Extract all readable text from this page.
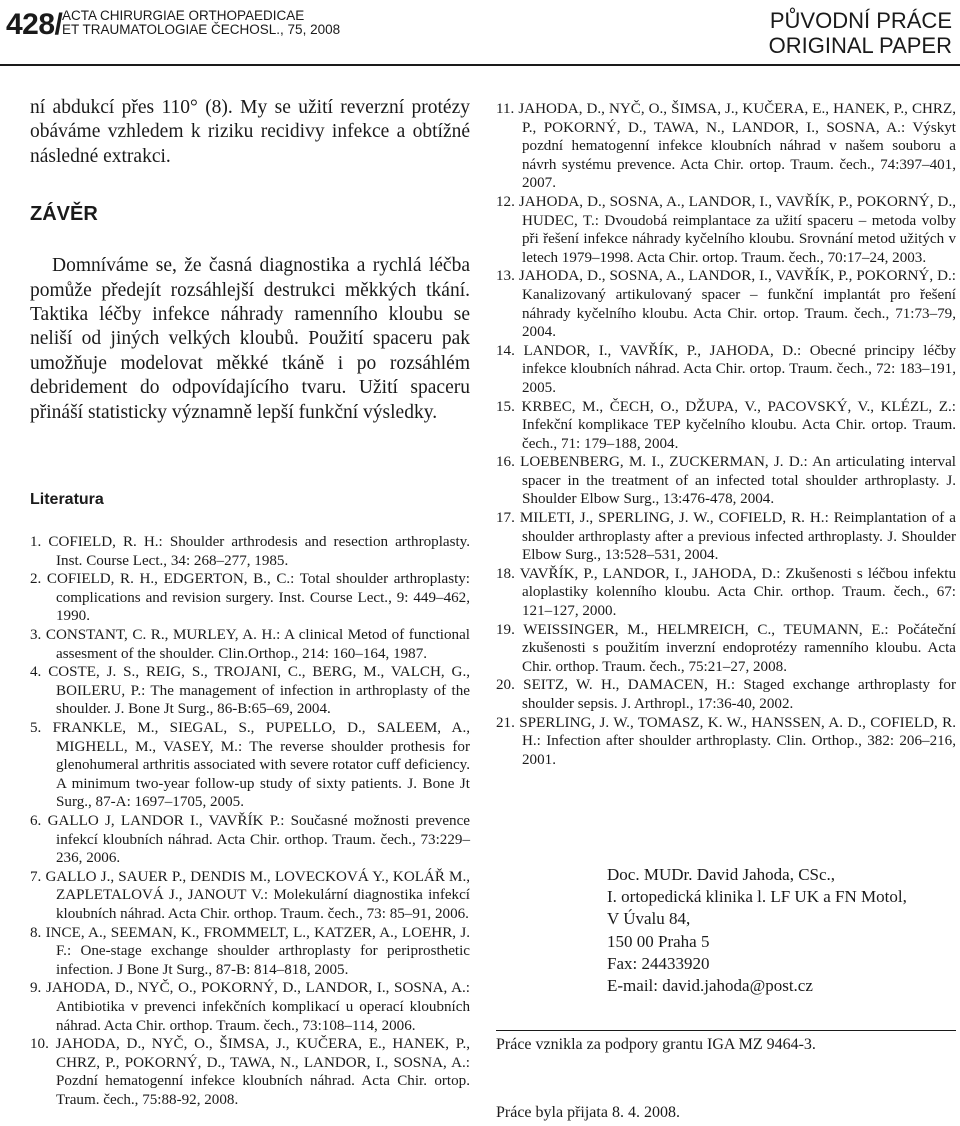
428/ ACTA CHIRURGIAE ORTHOPAEDICAE
ET TRAUMATOLOGIAE ČECHOSL., 75, 2008	PŮVODNÍ PRÁCE
ORIGINAL PAPER

ní abdukcí přes 110° (8). My se užití reverzní protézy obáváme vzhledem k riziku recidivy infekce a obtížné následné extrakci.

ZÁVĚR

Domníváme se, že časná diagnostika a rychlá léčba pomůže předejít rozsáhlejší destrukci měkkých tkání. Taktika léčby infekce náhrady ramenního kloubu se neliší od jiných velkých kloubů. Použití spaceru pak umožňuje modelovat měkké tkáně i po rozsáhlém debridement do odpovídajícího tvaru. Užití spaceru přináší statisticky významně lepší funkční výsledky.

Literatura

1. COFIELD, R. H.: Shoulder arthrodesis and resection arthroplasty. Inst. Course Lect., 34: 268–277, 1985.

2. COFIELD, R. H., EDGERTON, B., C.: Total shoulder arthroplasty: complications and revision surgery. Inst. Course Lect., 9: 449–462, 1990.

3. CONSTANT, C. R., MURLEY, A. H.: A clinical Metod of functional assesment of the shoulder. Clin.Orthop., 214: 160–164, 1987.

4. COSTE, J. S., REIG, S., TROJANI, C., BERG, M., VALCH, G., BOILERU, P.: The management of infection in arthroplasty of the shoulder. J. Bone Jt Surg., 86-B:65–69, 2004.

5. FRANKLE, M., SIEGAL, S., PUPELLO, D., SALEEM, A., MIGHELL, M., VASEY, M.: The reverse shoulder prothesis for glenohumeral arthritis associated with severe rotator cuff deficiency. A minimum two-year follow-up study of sixty patients. J. Bone Jt Surg., 87-A: 1697–1705, 2005.

6. GALLO J, LANDOR I., VAVŘÍK P.: Současné možnosti prevence infekcí kloubních náhrad. Acta Chir. orthop. Traum. čech., 73:229–236, 2006.

7. GALLO J., SAUER P., DENDIS M., LOVECKOVÁ Y., KOLÁŘ M., ZAPLETALOVÁ J., JANOUT V.: Molekulární diagnostika infekcí kloubních náhrad. Acta Chir. orthop. Traum. čech., 73: 85–91, 2006.

8. INCE, A., SEEMAN, K., FROMMELT, L., KATZER, A., LOEHR, J. F.: One-stage exchange shoulder arthroplasty for periprosthetic infection. J Bone Jt Surg., 87-B: 814–818, 2005.

9. JAHODA, D., NYČ, O., POKORNÝ, D., LANDOR, I., SOSNA, A.: Antibiotika v prevenci infekčních komplikací u operací kloubních náhrad. Acta Chir. orthop. Traum. čech., 73:108–114, 2006.

10. JAHODA, D., NYČ, O., ŠIMSA, J., KUČERA, E., HANEK, P., CHRZ, P., POKORNÝ, D., TAWA, N., LANDOR, I., SOSNA, A.: Pozdní hematogenní infekce kloubních náhrad. Acta Chir. ortop. Traum. čech., 75:88-92, 2008.

11. JAHODA, D., NYČ, O., ŠIMSA, J., KUČERA, E., HANEK, P., CHRZ, P., POKORNÝ, D., TAWA, N., LANDOR, I., SOSNA, A.: Výskyt pozdní hematogenní infekce kloubních náhrad v našem souboru a návrh systému prevence. Acta Chir. ortop. Traum. čech., 74:397–401, 2007.

12. JAHODA, D., SOSNA, A., LANDOR, I., VAVŘÍK, P., POKORNÝ, D., HUDEC, T.: Dvoudobá reimplantace za užití spaceru – metoda volby při řešení infekce náhrady kyčelního kloubu. Srovnání metod užitých v letech 1979–1998. Acta Chir. ortop. Traum. čech., 70:17–24, 2003.

13. JAHODA, D., SOSNA, A., LANDOR, I., VAVŘÍK, P., POKORNÝ, D.: Kanalizovaný artikulovaný spacer – funkční implantát pro řešení náhrady kyčelního kloubu. Acta Chir. ortop. Traum. čech., 71:73–79, 2004.

14. LANDOR, I., VAVŘÍK, P., JAHODA, D.: Obecné principy léčby infekce kloubních náhrad. Acta Chir. ortop. Traum. čech., 72: 183–191, 2005.

15. KRBEC, M., ČECH, O., DŽUPA, V., PACOVSKÝ, V., KLÉZL, Z.: Infekční komplikace TEP kyčelního kloubu. Acta Chir. ortop. Traum. čech., 71: 179–188, 2004.

16. LOEBENBERG, M. I., ZUCKERMAN, J. D.: An articulating interval spacer in the treatment of an infected total shoulder arthroplasty. J. Shoulder Elbow Surg., 13:476-478, 2004.

17. MILETI, J., SPERLING, J. W., COFIELD, R. H.: Reimplantation of a shoulder arthroplasty after a previous infected arthroplasty. J. Shoulder Elbow Surg., 13:528–531, 2004.

18. VAVŘÍK, P., LANDOR, I., JAHODA, D.: Zkušenosti s léčbou infektu aloplastiky kolenního kloubu. Acta Chir. orthop. Traum. čech., 67: 121–127, 2000.

19. WEISSINGER, M., HELMREICH, C., TEUMANN, E.: Počáteční zkušenosti s použitím inverzní endoprotézy ramenního kloubu. Acta Chir. orthop. Traum. čech., 75:21–27, 2008.

20. SEITZ, W. H., DAMACEN, H.: Staged exchange arthroplasty for shoulder sepsis. J. Arthropl., 17:36-40, 2002.

21. SPERLING, J. W., TOMASZ, K. W., HANSSEN, A. D., COFIELD, R. H.: Infection after shoulder arthroplasty. Clin. Orthop., 382: 206–216, 2001.

Doc. MUDr. David Jahoda, CSc.,
I. ortopedická klinika l. LF UK a FN Motol,
V Úvalu 84,
150 00 Praha 5
Fax: 24433920
E-mail: david.jahoda@post.cz
Práce vznikla za podpory grantu IGA MZ 9464-3.
Práce byla přijata 8. 4. 2008.
